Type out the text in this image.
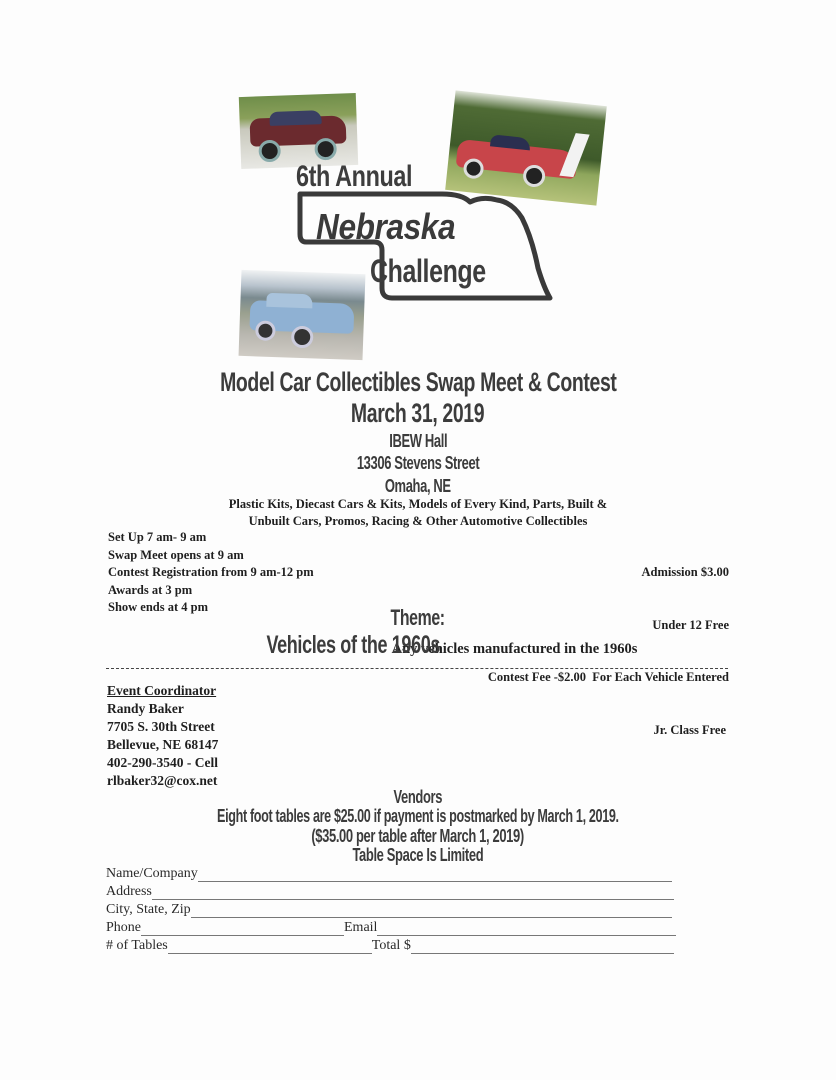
6th Annual
Nebraska
Challenge
Model Car Collectibles Swap Meet & Contest
March 31, 2019
IBEW Hall
13306 Stevens Street
Omaha, NE
Plastic Kits, Diecast Cars & Kits, Models of Every Kind, Parts, Built &
Unbuilt Cars, Promos, Racing & Other Automotive Collectibles
Set Up 7 am- 9 am
Swap Meet opens at 9 am
Contest Registration from 9 am-12 pm
Awards at 3 pm
Show ends at 4 pm

Admission $3.00

Under 12 Free

Contest Fee -$2.00  For Each Vehicle Entered

Jr. Class Free

Theme:
Vehicles of the 1960s Any vehicles manufactured in the 1960s
Event Coordinator
Randy Baker
7705 S. 30th Street
Bellevue, NE 68147
402-290-3540 - Cell
rlbaker32@cox.net
Vendors
Eight foot tables are $25.00 if payment is postmarked by March 1, 2019.
($35.00 per table after March 1, 2019)
Table Space Is Limited
Name/Company
Address
City, State, Zip
Phone	Email
# of Tables	Total $
